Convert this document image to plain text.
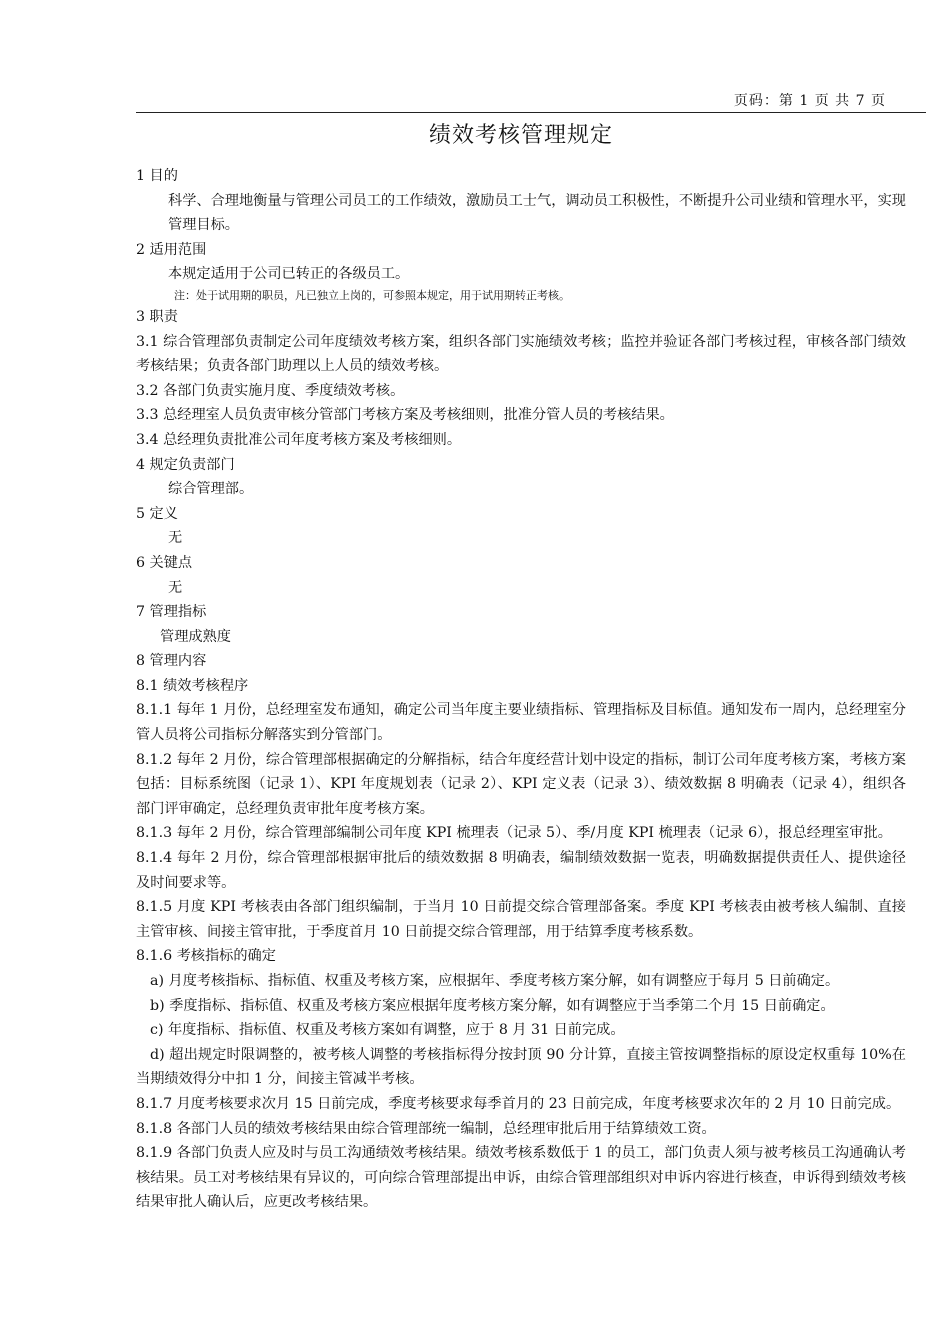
页码：第 1 页 共 7 页
绩效考核管理规定

1 目的

科学、合理地衡量与管理公司员工的工作绩效，激励员工士气，调动员工积极性，不断提升公司业绩和管理水平，实现管理目标。

2 适用范围

本规定适用于公司已转正的各级员工。

注：处于试用期的职员，凡已独立上岗的，可参照本规定，用于试用期转正考核。

3 职责

3.1 综合管理部负责制定公司年度绩效考核方案，组织各部门实施绩效考核；监控并验证各部门考核过程，审核各部门绩效考核结果；负责各部门助理以上人员的绩效考核。

3.2 各部门负责实施月度、季度绩效考核。

3.3 总经理室人员负责审核分管部门考核方案及考核细则，批准分管人员的考核结果。

3.4 总经理负责批准公司年度考核方案及考核细则。

4 规定负责部门

综合管理部。

5 定义

无

6 关键点

无

7 管理指标

管理成熟度

8 管理内容

8.1 绩效考核程序

8.1.1 每年 1 月份，总经理室发布通知，确定公司当年度主要业绩指标、管理指标及目标值。通知发布一周内，总经理室分管人员将公司指标分解落实到分管部门。

8.1.2 每年 2 月份，综合管理部根据确定的分解指标，结合年度经营计划中设定的指标，制订公司年度考核方案，考核方案包括：目标系统图（记录 1）、KPI 年度规划表（记录 2）、KPI 定义表（记录 3）、绩效数据 8 明确表（记录 4），组织各部门评审确定，总经理负责审批年度考核方案。

8.1.3 每年 2 月份，综合管理部编制公司年度 KPI 梳理表（记录 5）、季/月度 KPI 梳理表（记录 6），报总经理室审批。

8.1.4 每年 2 月份，综合管理部根据审批后的绩效数据 8 明确表，编制绩效数据一览表，明确数据提供责任人、提供途径及时间要求等。

8.1.5 月度 KPI 考核表由各部门组织编制，于当月 10 日前提交综合管理部备案。季度 KPI 考核表由被考核人编制、直接主管审核、间接主管审批，于季度首月 10 日前提交综合管理部，用于结算季度考核系数。

8.1.6 考核指标的确定

a) 月度考核指标、指标值、权重及考核方案，应根据年、季度考核方案分解，如有调整应于每月 5 日前确定。

b) 季度指标、指标值、权重及考核方案应根据年度考核方案分解，如有调整应于当季第二个月 15 日前确定。

c) 年度指标、指标值、权重及考核方案如有调整，应于 8 月 31 日前完成。

d) 超出规定时限调整的，被考核人调整的考核指标得分按封顶 90 分计算，直接主管按调整指标的原设定权重每 10%在当期绩效得分中扣 1 分，间接主管减半考核。

8.1.7 月度考核要求次月 15 日前完成，季度考核要求每季首月的 23 日前完成，年度考核要求次年的 2 月 10 日前完成。

8.1.8 各部门人员的绩效考核结果由综合管理部统一编制，总经理审批后用于结算绩效工资。

8.1.9 各部门负责人应及时与员工沟通绩效考核结果。绩效考核系数低于 1 的员工，部门负责人须与被考核员工沟通确认考核结果。员工对考核结果有异议的，可向综合管理部提出申诉，由综合管理部组织对申诉内容进行核查，申诉得到绩效考核结果审批人确认后，应更改考核结果。
